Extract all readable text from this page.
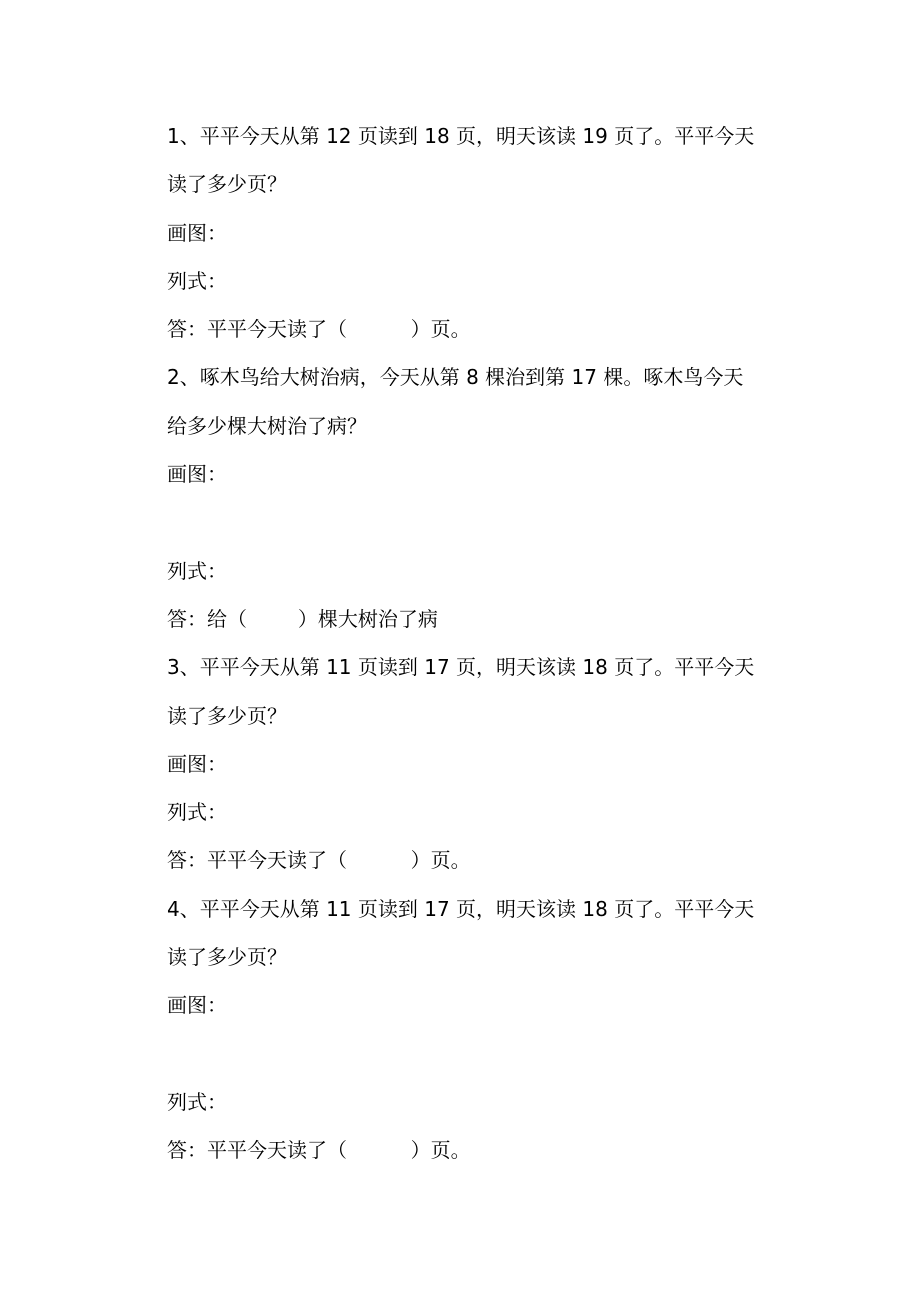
1、平平今天从第 12 页读到 18 页，明天该读 19 页了。平平今天
读了多少页？
画图：
列式：
答：平平今天读了（          ）页。
2、啄木鸟给大树治病，今天从第 8 棵治到第 17 棵。啄木鸟今天
给多少棵大树治了病？
画图：
列式：
答：给（        ）棵大树治了病
3、平平今天从第 11 页读到 17 页，明天该读 18 页了。平平今天
读了多少页？
画图：
列式：
答：平平今天读了（          ）页。
4、平平今天从第 11 页读到 17 页，明天该读 18 页了。平平今天
读了多少页？
画图：
列式：
答：平平今天读了（          ）页。
